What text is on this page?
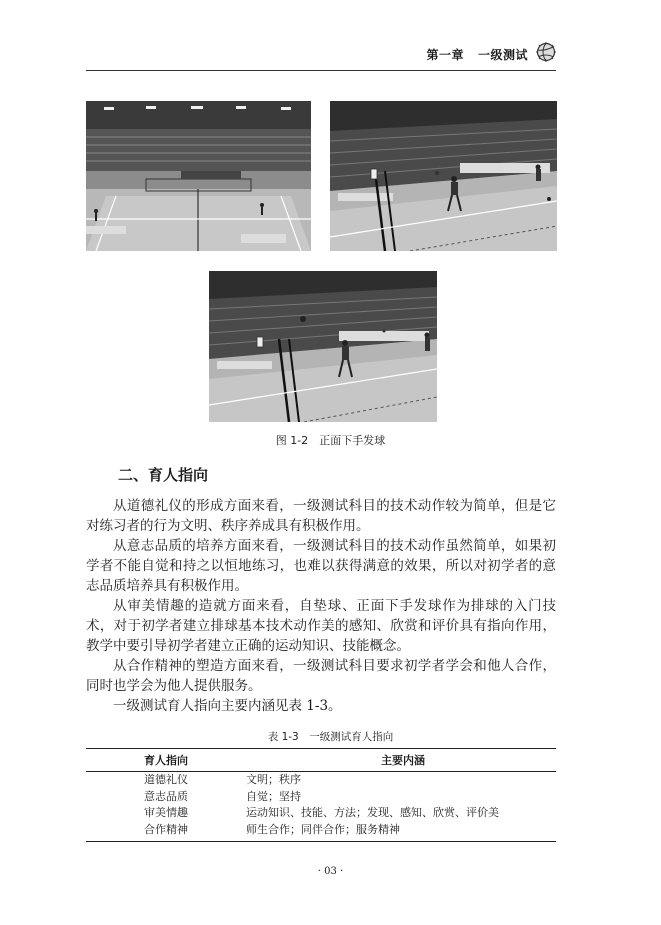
第一章 一级测试
图 1-2　正面下手发球
二、育人指向

从道德礼仪的形成方面来看，一级测试科目的技术动作较为简单，但是它对练习者的行为文明、秩序养成具有积极作用。

从意志品质的培养方面来看，一级测试科目的技术动作虽然简单，如果初学者不能自觉和持之以恒地练习，也难以获得满意的效果，所以对初学者的意志品质培养具有积极作用。

从审美情趣的造就方面来看，自垫球、正面下手发球作为排球的入门技术，对于初学者建立排球基本技术动作美的感知、欣赏和评价具有指向作用，教学中要引导初学者建立正确的运动知识、技能概念。

从合作精神的塑造方面来看，一级测试科目要求初学者学会和他人合作，同时也学会为他人提供服务。

一级测试育人指向主要内涵见表 1-3。

表 1-3　一级测试育人指向
育人指向	主要内涵
道德礼仪	文明；秩序
意志品质	自觉；坚持
审美情趣	运动知识、技能、方法；发现、感知、欣赏、评价美
合作精神	师生合作；同伴合作；服务精神
· 03 ·
